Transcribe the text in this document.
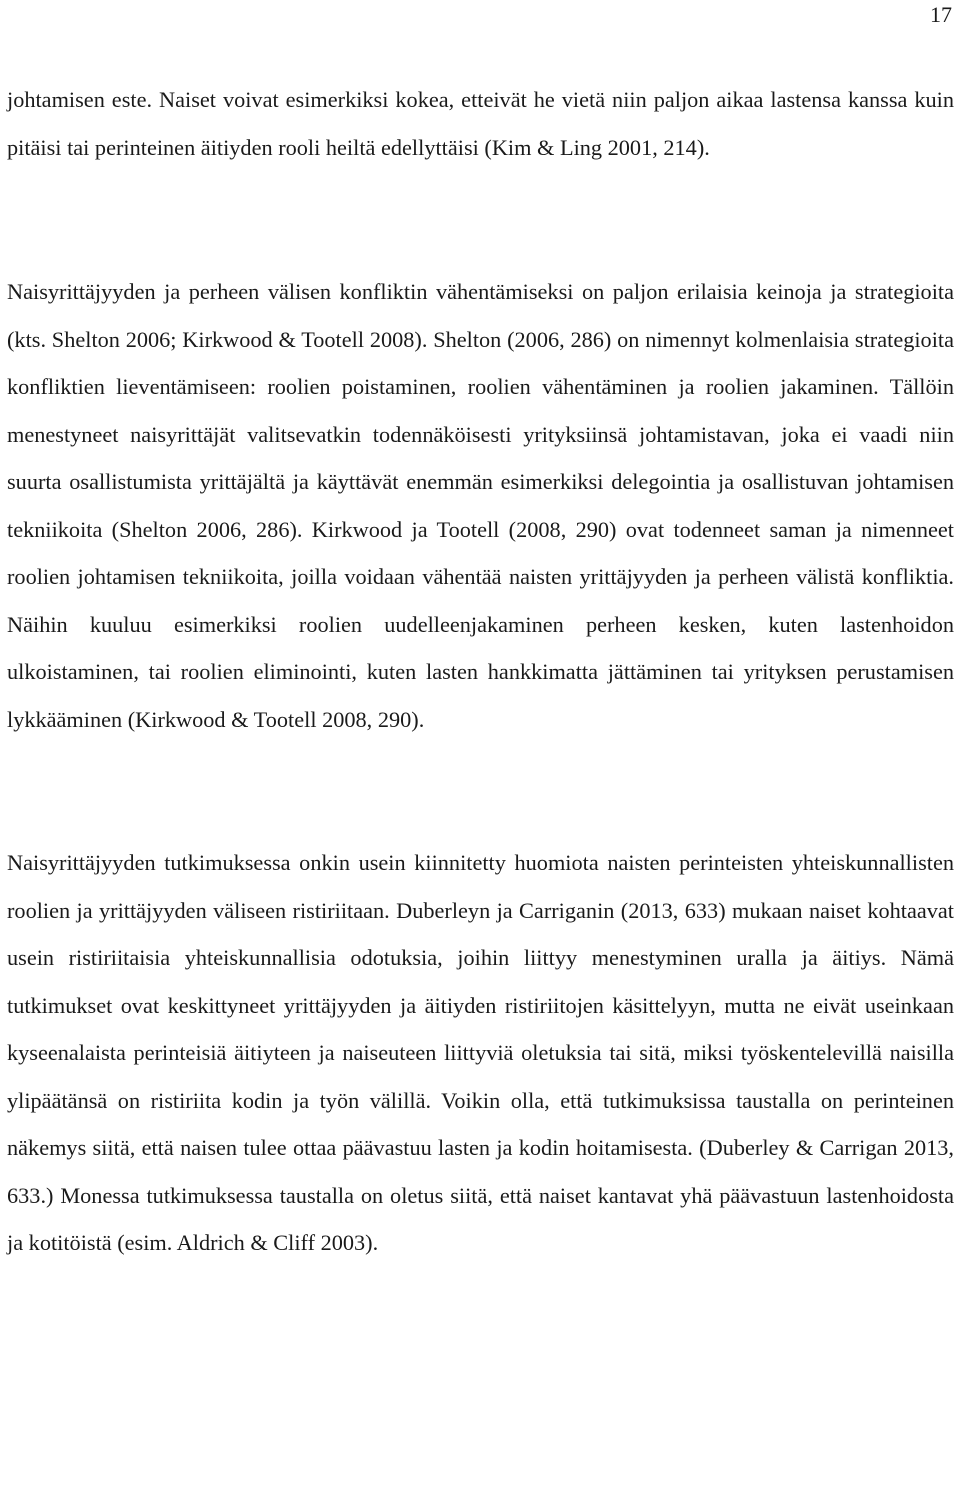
17

johtamisen este. Naiset voivat esimerkiksi kokea, etteivät he vietä niin paljon aikaa lastensa kanssa kuin pitäisi tai perinteinen äitiyden rooli heiltä edellyttäisi (Kim & Ling 2001, 214).

Naisyrittäjyyden ja perheen välisen konfliktin vähentämiseksi on paljon erilaisia keinoja ja strategioita (kts. Shelton 2006; Kirkwood & Tootell 2008). Shelton (2006, 286) on nimennyt kolmenlaisia strategioita konfliktien lieventämiseen: roolien poistaminen, roolien vähentäminen ja roolien jakaminen. Tällöin menestyneet naisyrittäjät valitsevatkin todennäköisesti yrityksiinsä johtamistavan, joka ei vaadi niin suurta osallistumista yrittäjältä ja käyttävät enemmän esimerkiksi delegointia ja osallistuvan johtamisen tekniikoita (Shelton 2006, 286). Kirkwood ja Tootell (2008, 290) ovat todenneet saman ja nimenneet roolien johtamisen tekniikoita, joilla voidaan vähentää naisten yrittäjyyden ja perheen välistä konfliktia. Näihin kuuluu esimerkiksi roolien uudelleenjakaminen perheen kesken, kuten lastenhoidon ulkoistaminen, tai roolien eliminointi, kuten lasten hankkimatta jättäminen tai yrityksen perustamisen lykkääminen (Kirkwood & Tootell 2008, 290).

Naisyrittäjyyden tutkimuksessa onkin usein kiinnitetty huomiota naisten perinteisten yhteiskunnallisten roolien ja yrittäjyyden väliseen ristiriitaan. Duberleyn ja Carriganin (2013, 633) mukaan naiset kohtaavat usein ristiriitaisia yhteiskunnallisia odotuksia, joihin liittyy menestyminen uralla ja äitiys. Nämä tutkimukset ovat keskittyneet yrittäjyyden ja äitiyden ristiriitojen käsittelyyn, mutta ne eivät useinkaan kyseenalaista perinteisiä äitiyteen ja naiseuteen liittyviä oletuksia tai sitä, miksi työskentelevillä naisilla ylipäätänsä on ristiriita kodin ja työn välillä. Voikin olla, että tutkimuksissa taustalla on perinteinen näkemys siitä, että naisen tulee ottaa päävastuu lasten ja kodin hoitamisesta. (Duberley & Carrigan 2013, 633.) Monessa tutkimuksessa taustalla on oletus siitä, että naiset kantavat yhä päävastuun lastenhoidosta ja kotitöistä (esim. Aldrich & Cliff 2003).
